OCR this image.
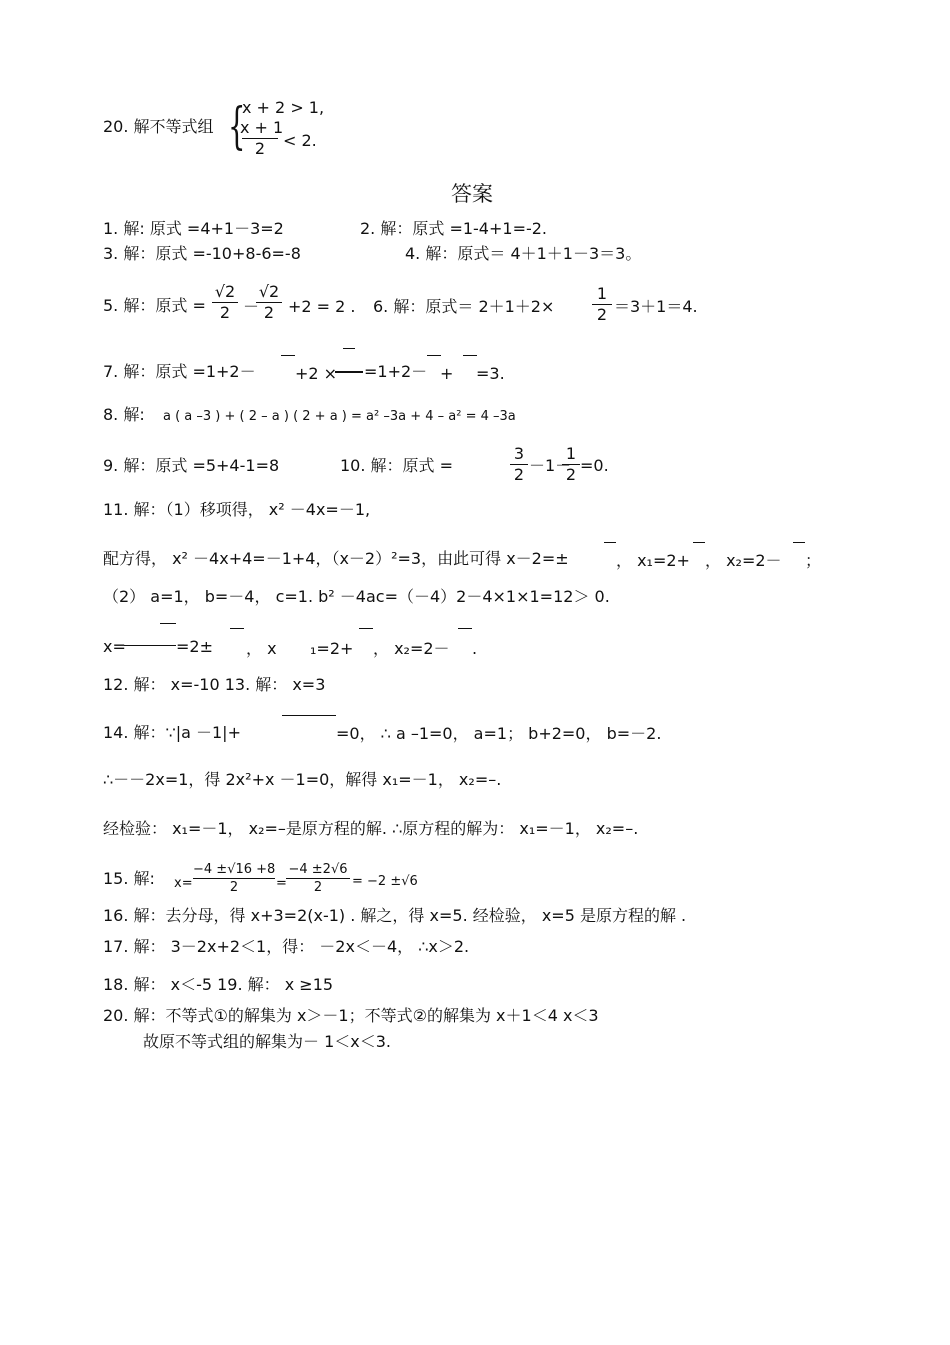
20. 解不等式组 {
x + 2 > 1,
x + 1
2	< 2.
答案
1. 解: 原式 =4+1－3=2	2. 解：原式 =1-4+1=-2.
3. 解：原式 =-10+8-6=-8	4. 解：原式＝ 4＋1＋1－3＝3。
5. 解：原式 =
√2
2 －
√2
2 +2 = 2 . 6. 解：原式＝ 2＋1＋2×
1
2 ＝3＋1＝4.
7. 解：原式 =1+2－ +2 × =1+2－ + =3.
8. 解: a ( a –3 ) + ( 2 – a ) ( 2 + a ) = a² –3a + 4 – a² = 4 –3a
9. 解：原式 =5+4-1=8	10. 解：原式 =
3
2 －1－
1
2 =0.
11. 解：（1）移项得， x² －4x=－1,
配方得， x² －4x+4=－1+4，（x－2）²=3，由此可得 x－2=±	， x₁=2+ ， x₂=2－ ；
（2） a=1， b=－4， c=1. b² －4ac=（－4）2－4×1×1=12＞ 0.
x=	=2± ， x ₁=2+ ， x₂=2－ .
12. 解： x=-10 13. 解： x=3
14. 解：∵|a －1|+	=0， ∴ a –1=0， a=1； b+2=0， b=－2.
∴－－2x=1，得 2x²+x －1=0，解得 x₁=－1， x₂=–.
经检验： x₁=－1， x₂=–是原方程的解. ∴原方程的解为： x₁=－1， x₂=–.
15. 解: x=
−4 ±√16 +8
2	=
−4 ±2√6
2	= −2 ±√6
16. 解：去分母，得 x+3=2(x-1) . 解之，得 x=5. 经检验， x=5 是原方程的解 .
17. 解： 3－2x+2＜1，得： －2x＜－4， ∴x＞2.
18. 解： x＜-5 19. 解： x ≥15
20. 解：不等式①的解集为 x＞－1；不等式②的解集为 x＋1＜4 x＜3
故原不等式组的解集为－ 1＜x＜3.
